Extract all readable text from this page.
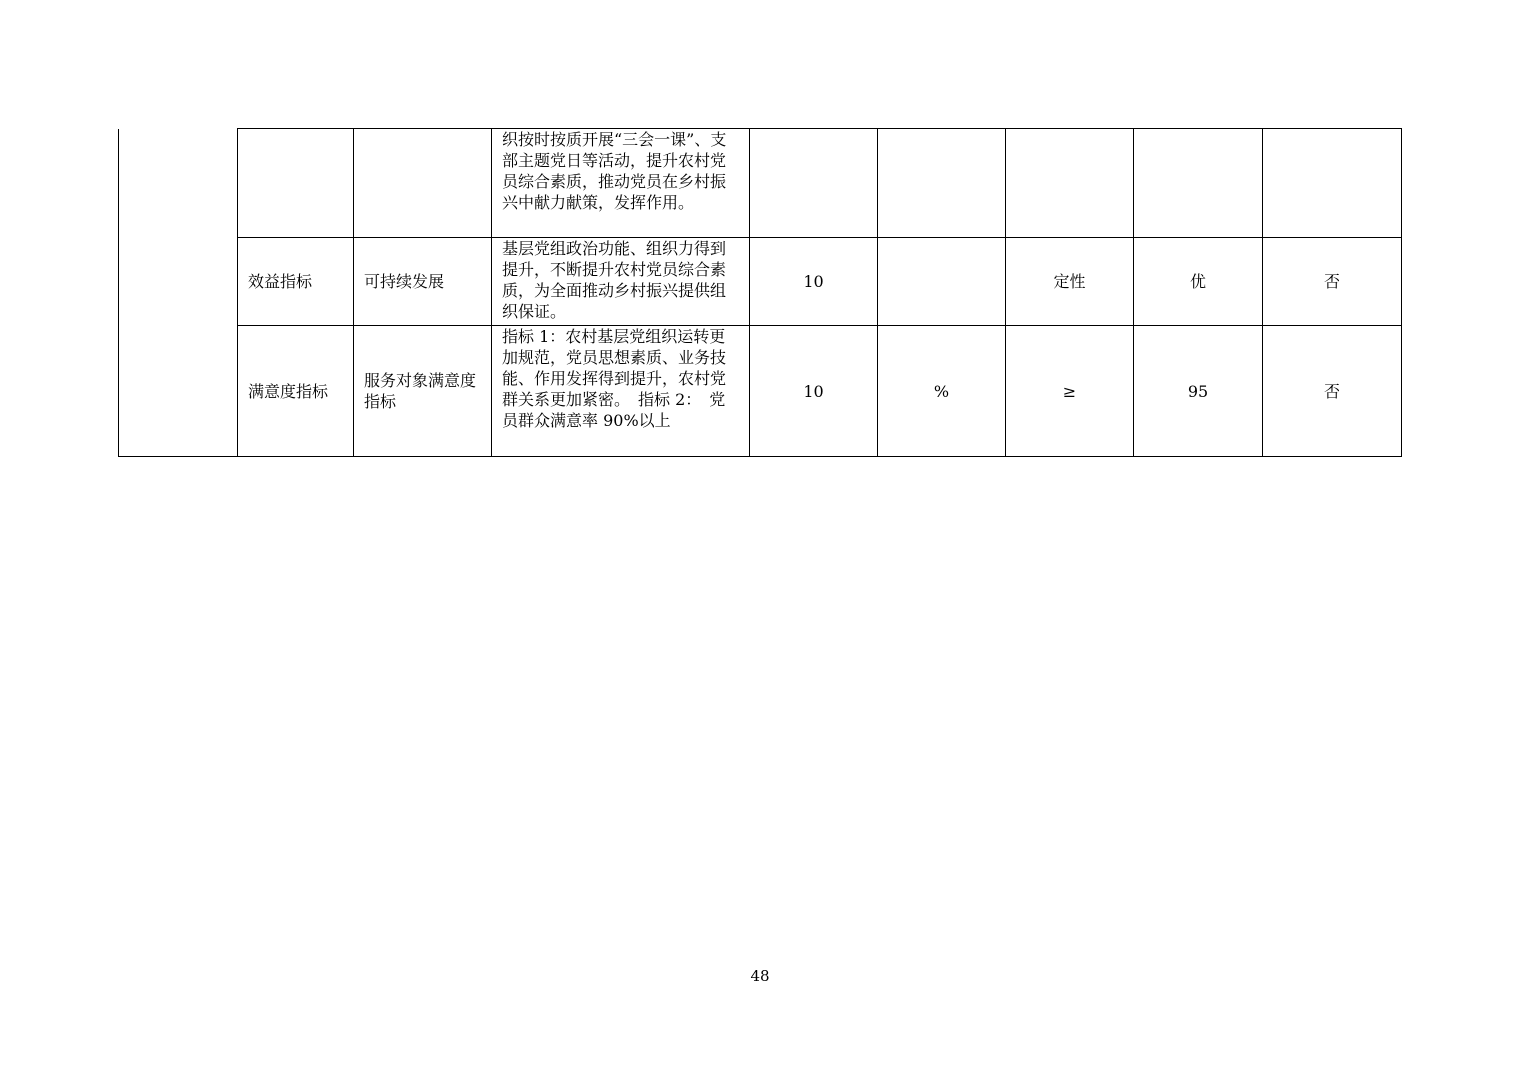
			织按时按质开展“三会一课”、支部主题党日等活动，提升农村党员综合素质，推动党员在乡村振兴中献力献策，发挥作用。					
	效益指标	可持续发展	基层党组政治功能、组织力得到提升，不断提升农村党员综合素质，为全面推动乡村振兴提供组织保证。	10		定性	优	否
	满意度指标	服务对象满意度指标	指标 1：农村基层党组织运转更加规范，党员思想素质、业务技能、作用发挥得到提升，农村党群关系更加紧密。　指标 2：　党员群众满意率 90%以上	10	%	≥	95	否
48
